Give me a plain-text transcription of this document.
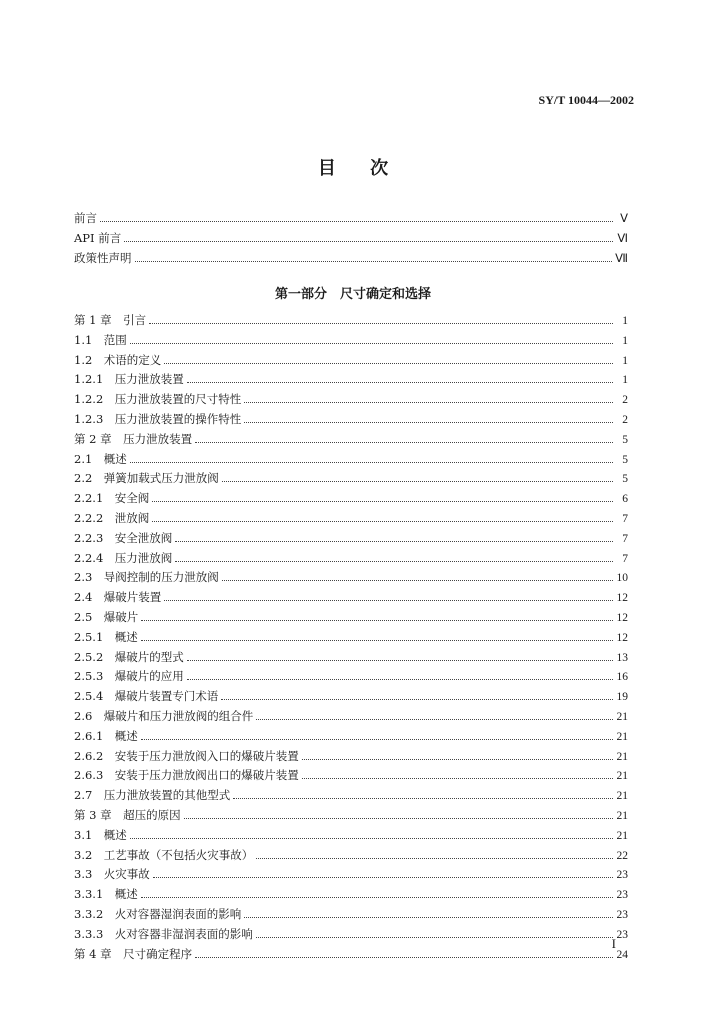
SY/T 10044—2002
目 次
前言	Ⅴ
API 前言	Ⅵ
政策性声明	Ⅶ
第一部分　尺寸确定和选择
第 1 章　引言	1
1.1　范围	1
1.2　术语的定义	1
1.2.1　压力泄放装置	1
1.2.2　压力泄放装置的尺寸特性	2
1.2.3　压力泄放装置的操作特性	2
第 2 章　压力泄放装置	5
2.1　概述	5
2.2　弹簧加载式压力泄放阀	5
2.2.1　安全阀	6
2.2.2　泄放阀	7
2.2.3　安全泄放阀	7
2.2.4　压力泄放阀	7
2.3　导阀控制的压力泄放阀	10
2.4　爆破片装置	12
2.5　爆破片	12
2.5.1　概述	12
2.5.2　爆破片的型式	13
2.5.3　爆破片的应用	16
2.5.4　爆破片装置专门术语	19
2.6　爆破片和压力泄放阀的组合件	21
2.6.1　概述	21
2.6.2　安装于压力泄放阀入口的爆破片装置	21
2.6.3　安装于压力泄放阀出口的爆破片装置	21
2.7　压力泄放装置的其他型式	21
第 3 章　超压的原因	21
3.1　概述	21
3.2　工艺事故（不包括火灾事故）	22
3.3　火灾事故	23
3.3.1　概述	23
3.3.2　火对容器湿润表面的影响	23
3.3.3　火对容器非湿润表面的影响	23
第 4 章　尺寸确定程序	24
I
